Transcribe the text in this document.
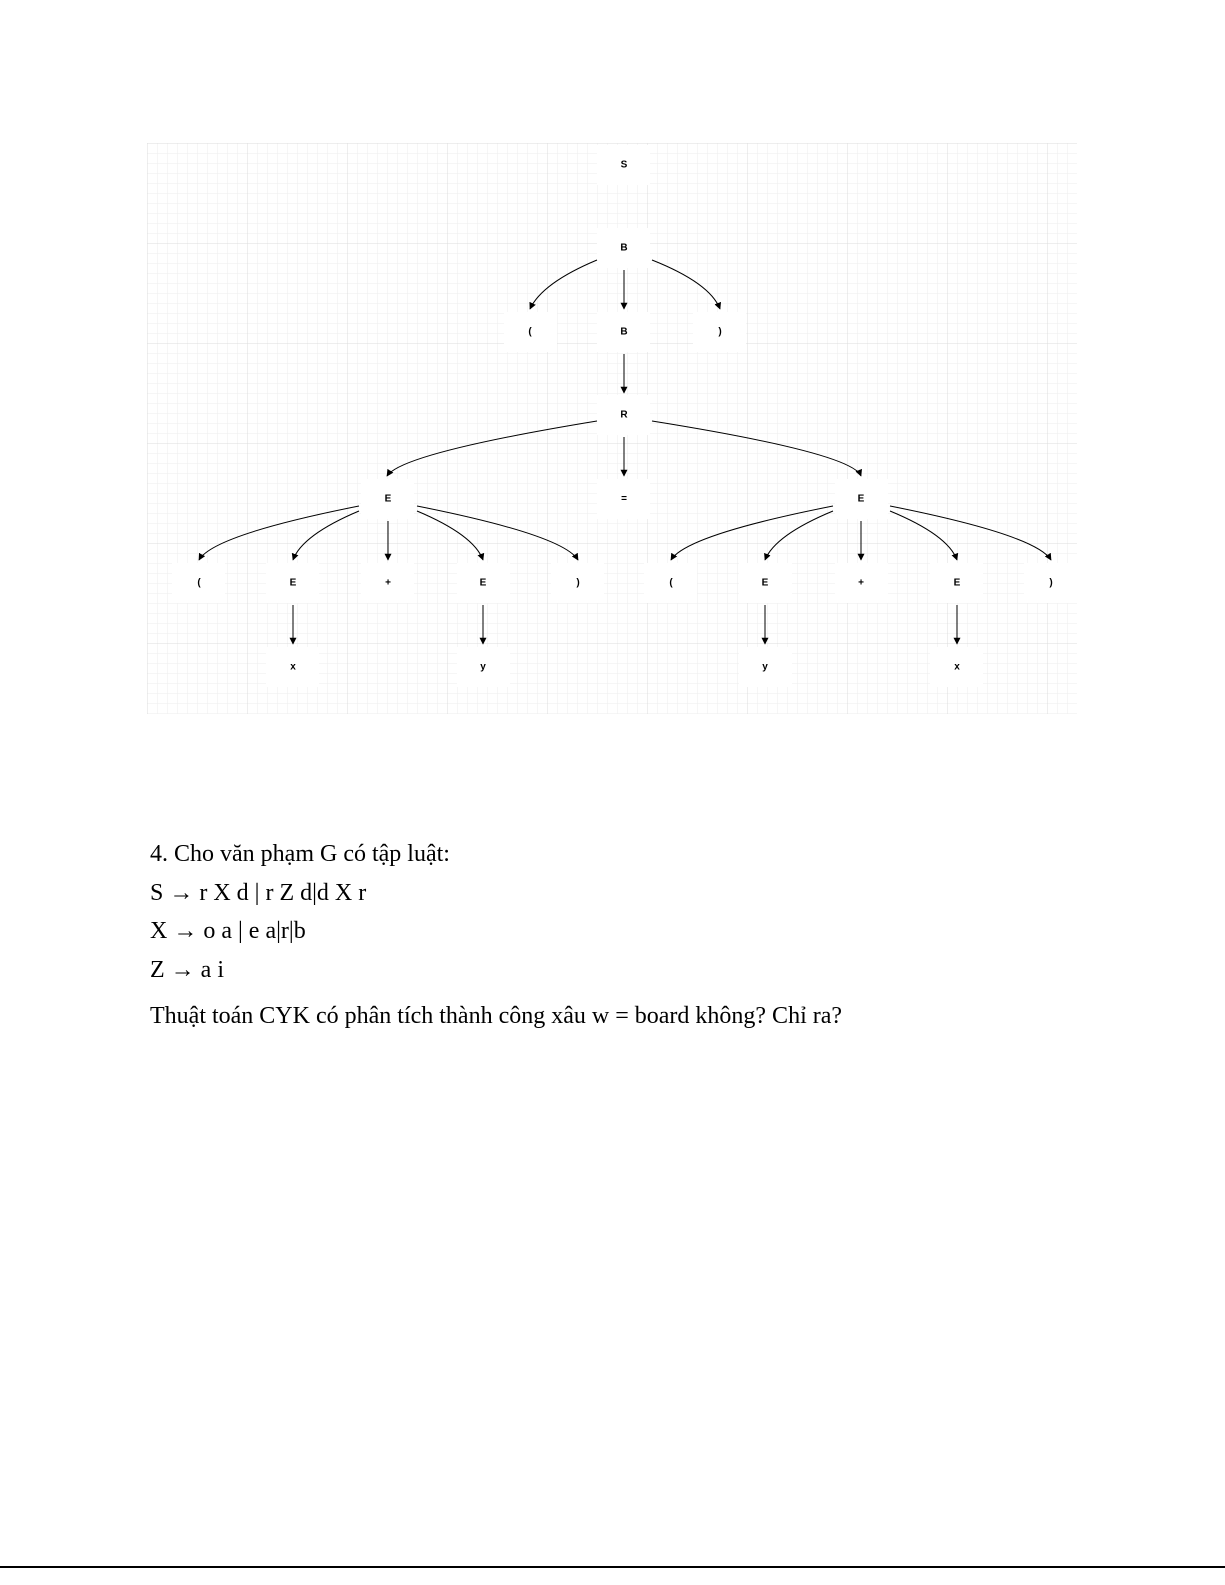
S
B
(	B	)
R
E	=	E
(	E	+	E	)	(	E	+	E	)
x	y	y	x
4. Cho văn phạm G có tập luật:
S → r X d | r Z d|d X r
X → o a | e a|r|b
Z → a i
Thuật toán CYK có phân tích thành công xâu w = board không? Chỉ ra?
